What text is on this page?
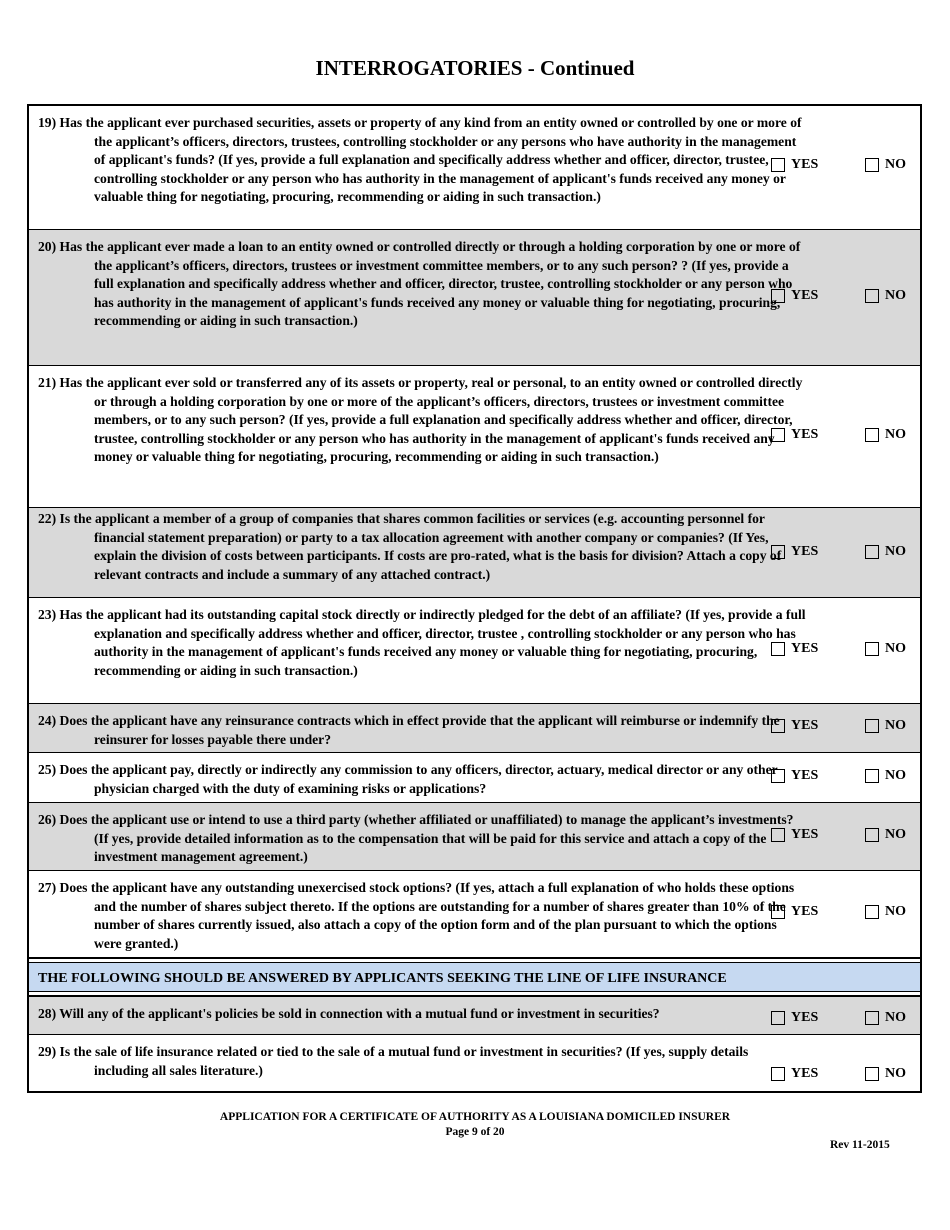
INTERROGATORIES - Continued
19) Has the applicant ever purchased securities, assets or property of any kind from an entity owned or controlled by one or more of the applicant’s officers, directors, trustees, controlling stockholder or any persons who have authority in the management of applicant's funds? (If yes, provide a full explanation and specifically address whether and officer, director, trustee, controlling stockholder or any person who has authority in the management of applicant's funds received any money or valuable thing for negotiating, procuring, recommending or aiding in such transaction.)
YES	NO
20) Has the applicant ever made a loan to an entity owned or controlled directly or through a holding corporation by one or more of the applicant’s officers, directors, trustees or investment committee members, or to any such person? ? (If yes, provide a full explanation and specifically address whether and officer, director, trustee, controlling stockholder or any person who has authority in the management of applicant's funds received any money or valuable thing for negotiating, procuring, recommending or aiding in such transaction.)
YES	NO
21) Has the applicant ever sold or transferred any of its assets or property, real or personal, to an entity owned or controlled directly or through a holding corporation by one or more of the applicant’s officers, directors, trustees or investment committee members, or to any such person? (If yes, provide a full explanation and specifically address whether and officer, director, trustee, controlling stockholder or any person who has authority in the management of applicant's funds received any money or valuable thing for negotiating, procuring, recommending or aiding in such transaction.)
YES	NO
22) Is the applicant a member of a group of companies that shares common facilities or services (e.g. accounting personnel for financial statement preparation) or party to a tax allocation agreement with another company or companies? (If Yes, explain the division of costs between participants. If costs are pro-rated, what is the basis for division? Attach a copy of relevant contracts and include a summary of any attached contract.)
YES	NO
23) Has the applicant had its outstanding capital stock directly or indirectly pledged for the debt of an affiliate? (If yes, provide a full explanation and specifically address whether and officer, director, trustee , controlling stockholder or any person who has authority in the management of applicant's funds received any money or valuable thing for negotiating, procuring, recommending or aiding in such transaction.)
YES	NO
24) Does the applicant have any reinsurance contracts which in effect provide that the applicant will reimburse or indemnify the reinsurer for losses payable there under?
YES	NO
25) Does the applicant pay, directly or indirectly any commission to any officers, director, actuary, medical director or any other physician charged with the duty of examining risks or applications?
YES	NO
26) Does the applicant use or intend to use a third party (whether affiliated or unaffiliated) to manage the applicant’s investments? (If yes, provide detailed information as to the compensation that will be paid for this service and attach a copy of the investment management agreement.)
YES	NO
27) Does the applicant have any outstanding unexercised stock options? (If yes, attach a full explanation of who holds these options and the number of shares subject thereto. If the options are outstanding for a number of shares greater than 10% of the number of shares currently issued, also attach a copy of the option form and of the plan pursuant to which the options were granted.)
YES	NO
THE FOLLOWING SHOULD BE ANSWERED BY APPLICANTS SEEKING THE LINE OF LIFE INSURANCE
28) Will any of the applicant's policies be sold in connection with a mutual fund or investment in securities?	YES	NO
29) Is the sale of life insurance related or tied to the sale of a mutual fund or investment in securities? (If yes, supply details including all sales literature.)	YES	NO
APPLICATION FOR A CERTIFICATE OF AUTHORITY AS A LOUISIANA DOMICILED INSURER
Page 9 of 20
Rev 11-2015
